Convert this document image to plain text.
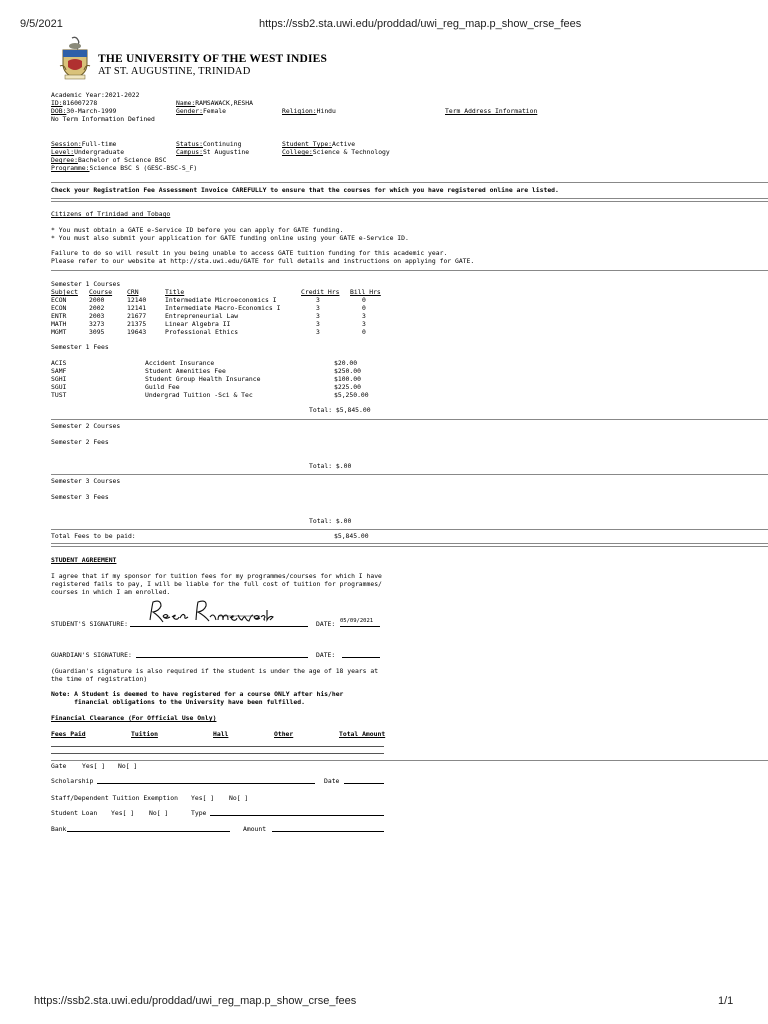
9/5/2021	https://ssb2.sta.uwi.edu/proddad/uwi_reg_map.p_show_crse_fees
https://ssb2.sta.uwi.edu/proddad/uwi_reg_map.p_show_crse_fees	1/1
THE UNIVERSITY OF THE WEST INDIES
AT ST. AUGUSTINE, TRINIDAD
Academic Year:2021-2022
ID:816007278
DOB:30-March-1999
No Term Information Defined
Name:RAMSAWACK,RESHA
Gender:Female	Religion:Hindu	Term Address Information
Session:Full-time
Level:Undergraduate
Degree:Bachelor of Science BSC
Programme:Science BSC S (GESC-BSC-S_F)
Status:Continuing
Campus:St Augustine
Student Type:Active
College:Science & Technology
Check your Registration Fee Assessment Invoice CAREFULLY to ensure that the courses for which you have registered online are listed.
Citizens of Trinidad and Tobago
* You must obtain a GATE e-Service ID before you can apply for GATE funding.
* You must also submit your application for GATE funding online using your GATE e-Service ID.
Failure to do so will result in you being unable to access GATE tuition funding for this academic year.
Please refer to our website at http://sta.uwi.edu/GATE for full details and instructions on applying for GATE.
Semester 1 Courses
Subject Course CRN	Title	Credit Hrs Bill Hrs
ECON	2000	12140	Intermediate Microeconomics I	3	0
ECON	2002	12141	Intermediate Macro-Economics I	3	0
ENTR	2003	21677	Entrepreneurial Law	3	3
MATH	3273	21375	Linear Algebra II	3	3
MGMT	3095	19643	Professional Ethics	3	0
Semester 1 Fees
ACIS	Accident Insurance	$20.00
SAMF	Student Amenities Fee	$250.00
SGHI	Student Group Health Insurance	$100.00
SGUI	Guild Fee	$225.00
TUST	Undergrad Tuition -Sci & Tec	$5,250.00
Total: $5,845.00
Semester 2 Courses
Semester 2 Fees
Total: $.00
Semester 3 Courses
Semester 3 Fees
Total: $.00
Total Fees to be paid:	$5,845.00
STUDENT AGREEMENT
I agree that if my sponsor for tuition fees for my programmes/courses for which I have
registered fails to pay, I will be liable for the full cost of tuition for programmes/
courses in which I am enrolled.
STUDENT'S SIGNATURE:	DATE: 05/09/2021
GUARDIAN'S SIGNATURE:	DATE:
(Guardian's signature is also required if the student is under the age of 18 years at
the time of registration)
Note: A Student is deemed to have registered for a course ONLY after his/her
financial obligations to the University have been fulfilled.
Financial Clearance (For Official Use Only)
Fees Paid	Tuition	Hall	Other	Total Amount
Gate Yes[ ] No[ ]
Scholarship	Date
Staff/Dependent Tuition Exemption Yes[ ] No[ ]
Student Loan Yes[ ] No[ ]	Type
Bank	Amount
